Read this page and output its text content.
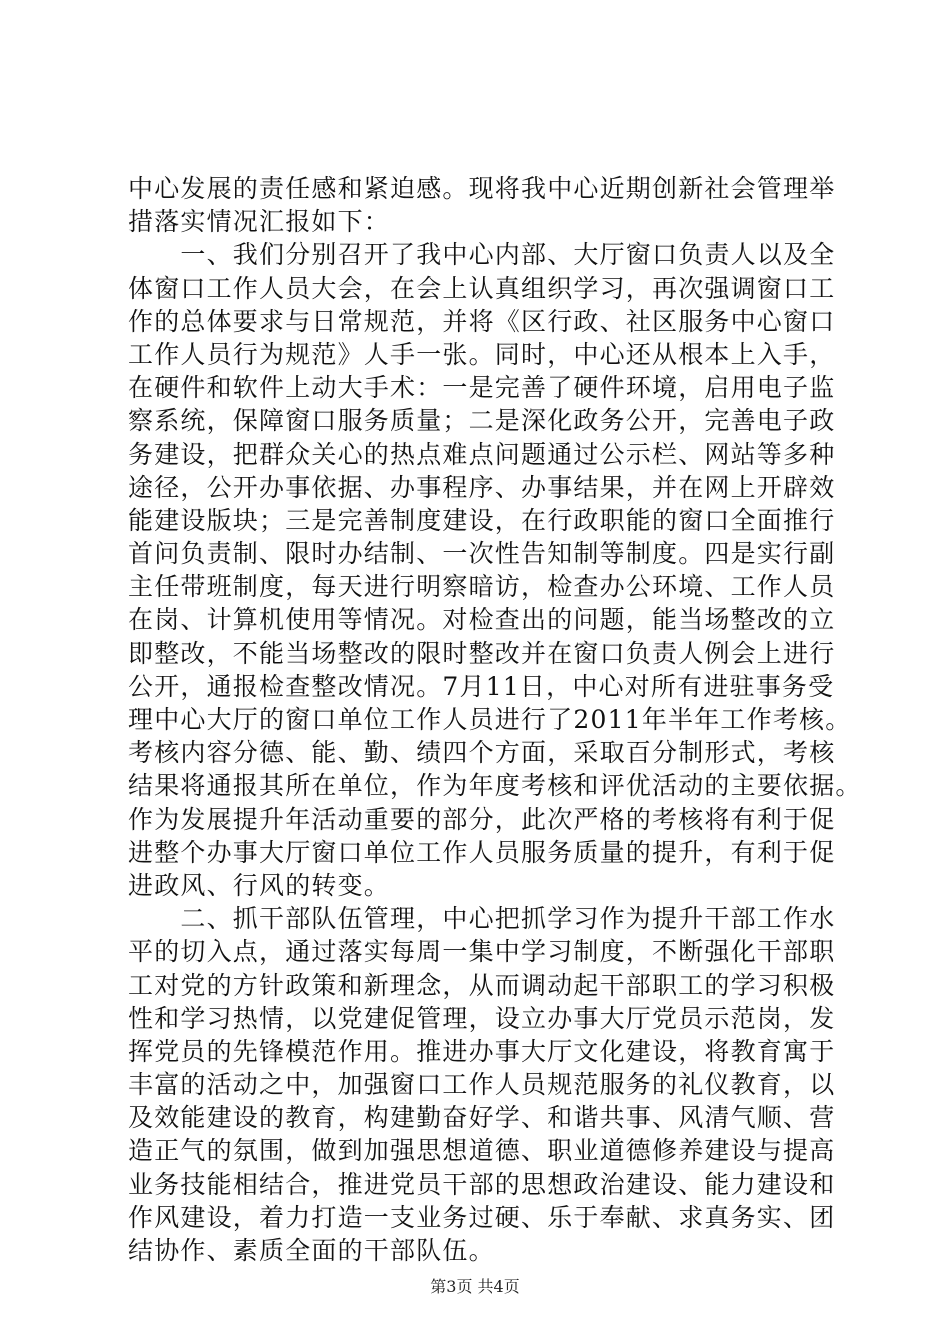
中心发展的责任感和紧迫感。现将我中心近期创新社会管理举
措落实情况汇报如下：
　　一、我们分别召开了我中心内部、大厅窗口负责人以及全
体窗口工作人员大会，在会上认真组织学习，再次强调窗口工
作的总体要求与日常规范，并将《区行政、社区服务中心窗口
工作人员行为规范》人手一张。同时，中心还从根本上入手，
在硬件和软件上动大手术：一是完善了硬件环境，启用电子监
察系统，保障窗口服务质量；二是深化政务公开，完善电子政
务建设，把群众关心的热点难点问题通过公示栏、网站等多种
途径，公开办事依据、办事程序、办事结果，并在网上开辟效
能建设版块；三是完善制度建设，在行政职能的窗口全面推行
首问负责制、限时办结制、一次性告知制等制度。四是实行副
主任带班制度，每天进行明察暗访，检查办公环境、工作人员
在岗、计算机使用等情况。对检查出的问题，能当场整改的立
即整改，不能当场整改的限时整改并在窗口负责人例会上进行
公开，通报检查整改情况。7月11日，中心对所有进驻事务受
理中心大厅的窗口单位工作人员进行了2011年半年工作考核。
考核内容分德、能、勤、绩四个方面，采取百分制形式，考核
结果将通报其所在单位，作为年度考核和评优活动的主要依据。
作为发展提升年活动重要的部分，此次严格的考核将有利于促
进整个办事大厅窗口单位工作人员服务质量的提升，有利于促
进政风、行风的转变。
　　二、抓干部队伍管理，中心把抓学习作为提升干部工作水
平的切入点，通过落实每周一集中学习制度，不断强化干部职
工对党的方针政策和新理念，从而调动起干部职工的学习积极
性和学习热情，以党建促管理，设立办事大厅党员示范岗，发
挥党员的先锋模范作用。推进办事大厅文化建设，将教育寓于
丰富的活动之中，加强窗口工作人员规范服务的礼仪教育，以
及效能建设的教育，构建勤奋好学、和谐共事、风清气顺、营
造正气的氛围，做到加强思想道德、职业道德修养建设与提高
业务技能相结合，推进党员干部的思想政治建设、能力建设和
作风建设，着力打造一支业务过硬、乐于奉献、求真务实、团
结协作、素质全面的干部队伍。
第3页 共4页
